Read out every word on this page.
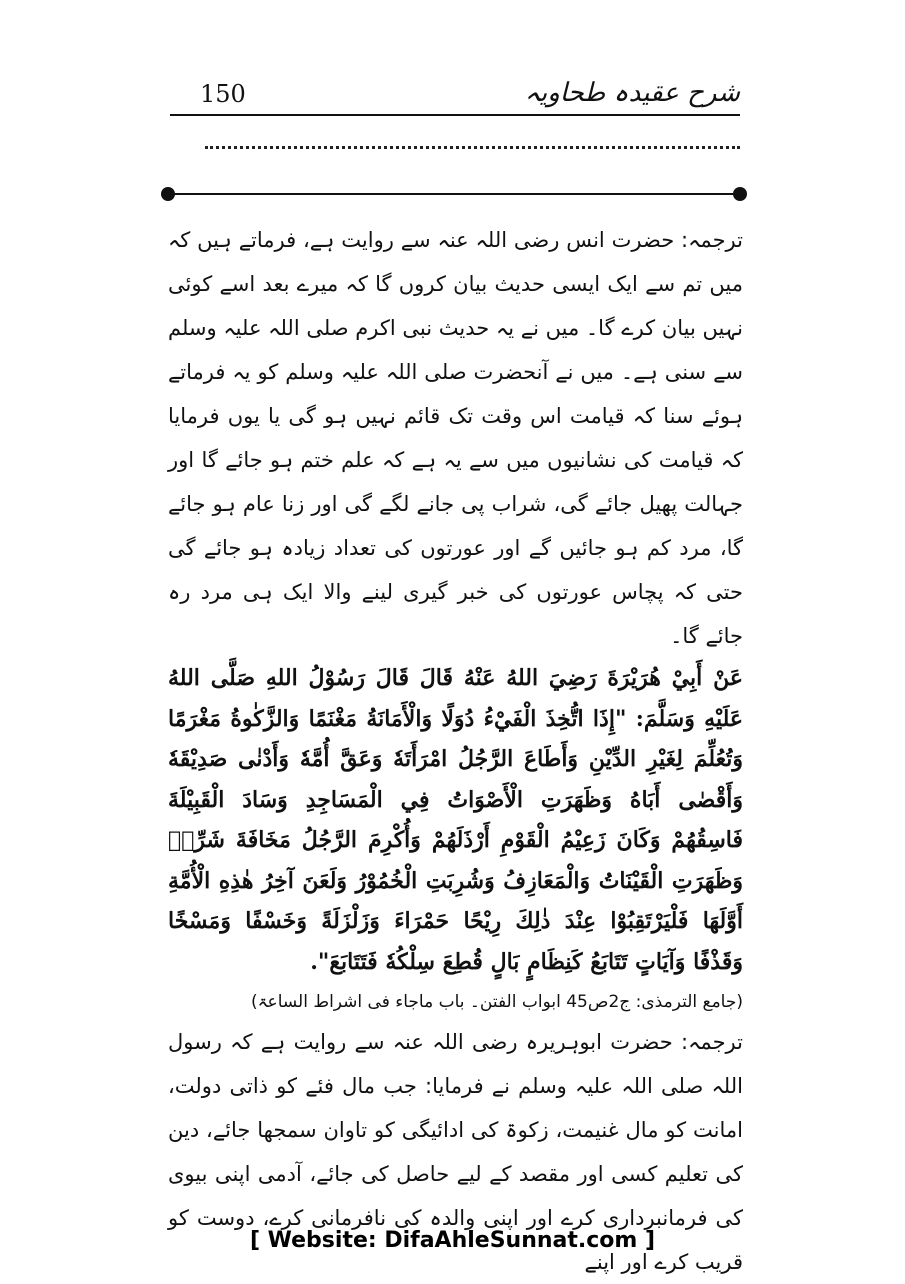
150	شرح عقیدہ طحاویہ

ترجمہ: حضرت انس رضی اللہ عنہ سے روایت ہے، فرماتے ہیں کہ میں تم سے ایک ایسی حدیث بیان کروں گا کہ میرے بعد اسے کوئی نہیں بیان کرے گا۔ میں نے یہ حدیث نبی اکرم صلی اللہ علیہ وسلم سے سنی ہے۔ میں نے آنحضرت صلی اللہ علیہ وسلم کو یہ فرماتے ہوئے سنا کہ قیامت اس وقت تک قائم نہیں ہو گی یا یوں فرمایا کہ قیامت کی نشانیوں میں سے یہ ہے کہ علم ختم ہو جائے گا اور جہالت پھیل جائے گی، شراب پی جانے لگے گی اور زنا عام ہو جائے گا، مرد کم ہو جائیں گے اور عورتوں کی تعداد زیادہ ہو جائے گی حتی کہ پچاس عورتوں کی خبر گیری لینے والا ایک ہی مرد رہ جائے گا۔

عَنْ أَبِيْ هُرَيْرَةَ رَضِيَ اللهُ عَنْهُ قَالَ قَالَ رَسُوْلُ اللهِ صَلَّى اللهُ عَلَيْهِ وَسَلَّمَ: "إِذَا اتُّخِذَ الْفَيْءُ دُوَلًا وَالْأَمَانَةُ مَغْنَمًا وَالزَّكٰوةُ مَغْرَمًا وَتُعُلِّمَ لِغَيْرِ الدِّيْنِ وَأَطَاعَ الرَّجُلُ امْرَأَتَهٗ وَعَقَّ أُمَّهٗ وَأَدْنٰى صَدِيْقَهٗ وَأَقْصٰى أَبَاهُ وَظَهَرَتِ الْأَصْوَاتُ فِي الْمَسَاجِدِ وَسَادَ الْقَبِيْلَةَ فَاسِقُهُمْ وَكَانَ زَعِيْمُ الْقَوْمِ أَرْذَلَهُمْ وَأُكْرِمَ الرَّجُلُ مَخَافَةَ شَرِّهٖ وَظَهَرَتِ الْقَيْنَاتُ وَالْمَعَازِفُ وَشُرِبَتِ الْخُمُوْرُ وَلَعَنَ آخِرُ هٰذِهِ الْأُمَّةِ أَوَّلَهَا فَلْيَرْتَقِبُوْا عِنْدَ ذٰلِكَ رِيْحًا حَمْرَاءَ وَزَلْزَلَةً وَخَسْفًا وَمَسْخًا وَقَذْفًا وَآيَاتٍ تَتَابَعُ كَنِظَامٍ بَالٍ قُطِعَ سِلْكُهٗ فَتَتَابَعَ".

(جامع الترمذی: ج2ص45 ابواب الفتن۔ باب ماجاء فی اشراط الساعۃ)

ترجمہ: حضرت ابوہریرہ رضی اللہ عنہ سے روایت ہے کہ رسول اللہ صلی اللہ علیہ وسلم نے فرمایا: جب مال فئے کو ذاتی دولت، امانت کو مال غنیمت، زکوۃ کی ادائیگی کو تاوان سمجھا جائے، دین کی تعلیم کسی اور مقصد کے لیے حاصل کی جائے، آدمی اپنی بیوی کی فرمانبرداری کرے اور اپنی والدہ کی نافرمانی کرے، دوست کو قریب کرے اور اپنے

[ Website: DifaAhleSunnat.com ]
